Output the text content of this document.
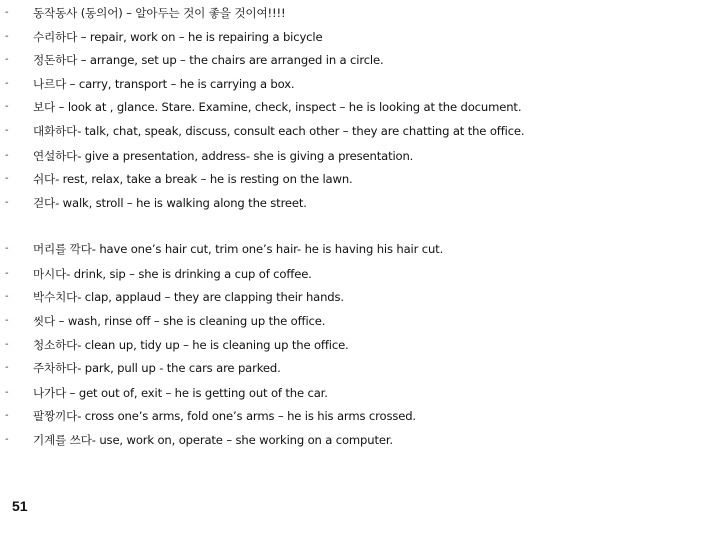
-	동작동사 (동의어) – 알아두는 것이 좋을 것이여!!!!
-	수리하다 – repair, work on – he is repairing a bicycle
-	정돈하다 – arrange, set up – the chairs are arranged in a circle.
-	나르다 – carry, transport – he is carrying a box.
-	보다 – look at , glance. Stare. Examine, check, inspect – he is looking at the document.
-	대화하다- talk, chat, speak, discuss, consult each other – they are chatting at the office.
-	연설하다- give a presentation, address- she is giving a presentation.
-	쉬다- rest, relax, take a break – he is resting on the lawn.
-	걷다- walk, stroll – he is walking along the street.
-	머리를 깍다- have one’s hair cut, trim one’s hair- he is having his hair cut.
-	마시다- drink, sip – she is drinking a cup of coffee.
-	박수치다- clap, applaud – they are clapping their hands.
-	씻다 – wash, rinse off – she is cleaning up the office.
-	청소하다- clean up, tidy up – he is cleaning up the office.
-	주차하다- park, pull up - the cars are parked.
-	나가다 – get out of, exit – he is getting out of the car.
-	팔짱끼다- cross one’s arms, fold one’s arms – he is his arms crossed.
-	기계를 쓰다- use, work on, operate – she working on a computer.
51
